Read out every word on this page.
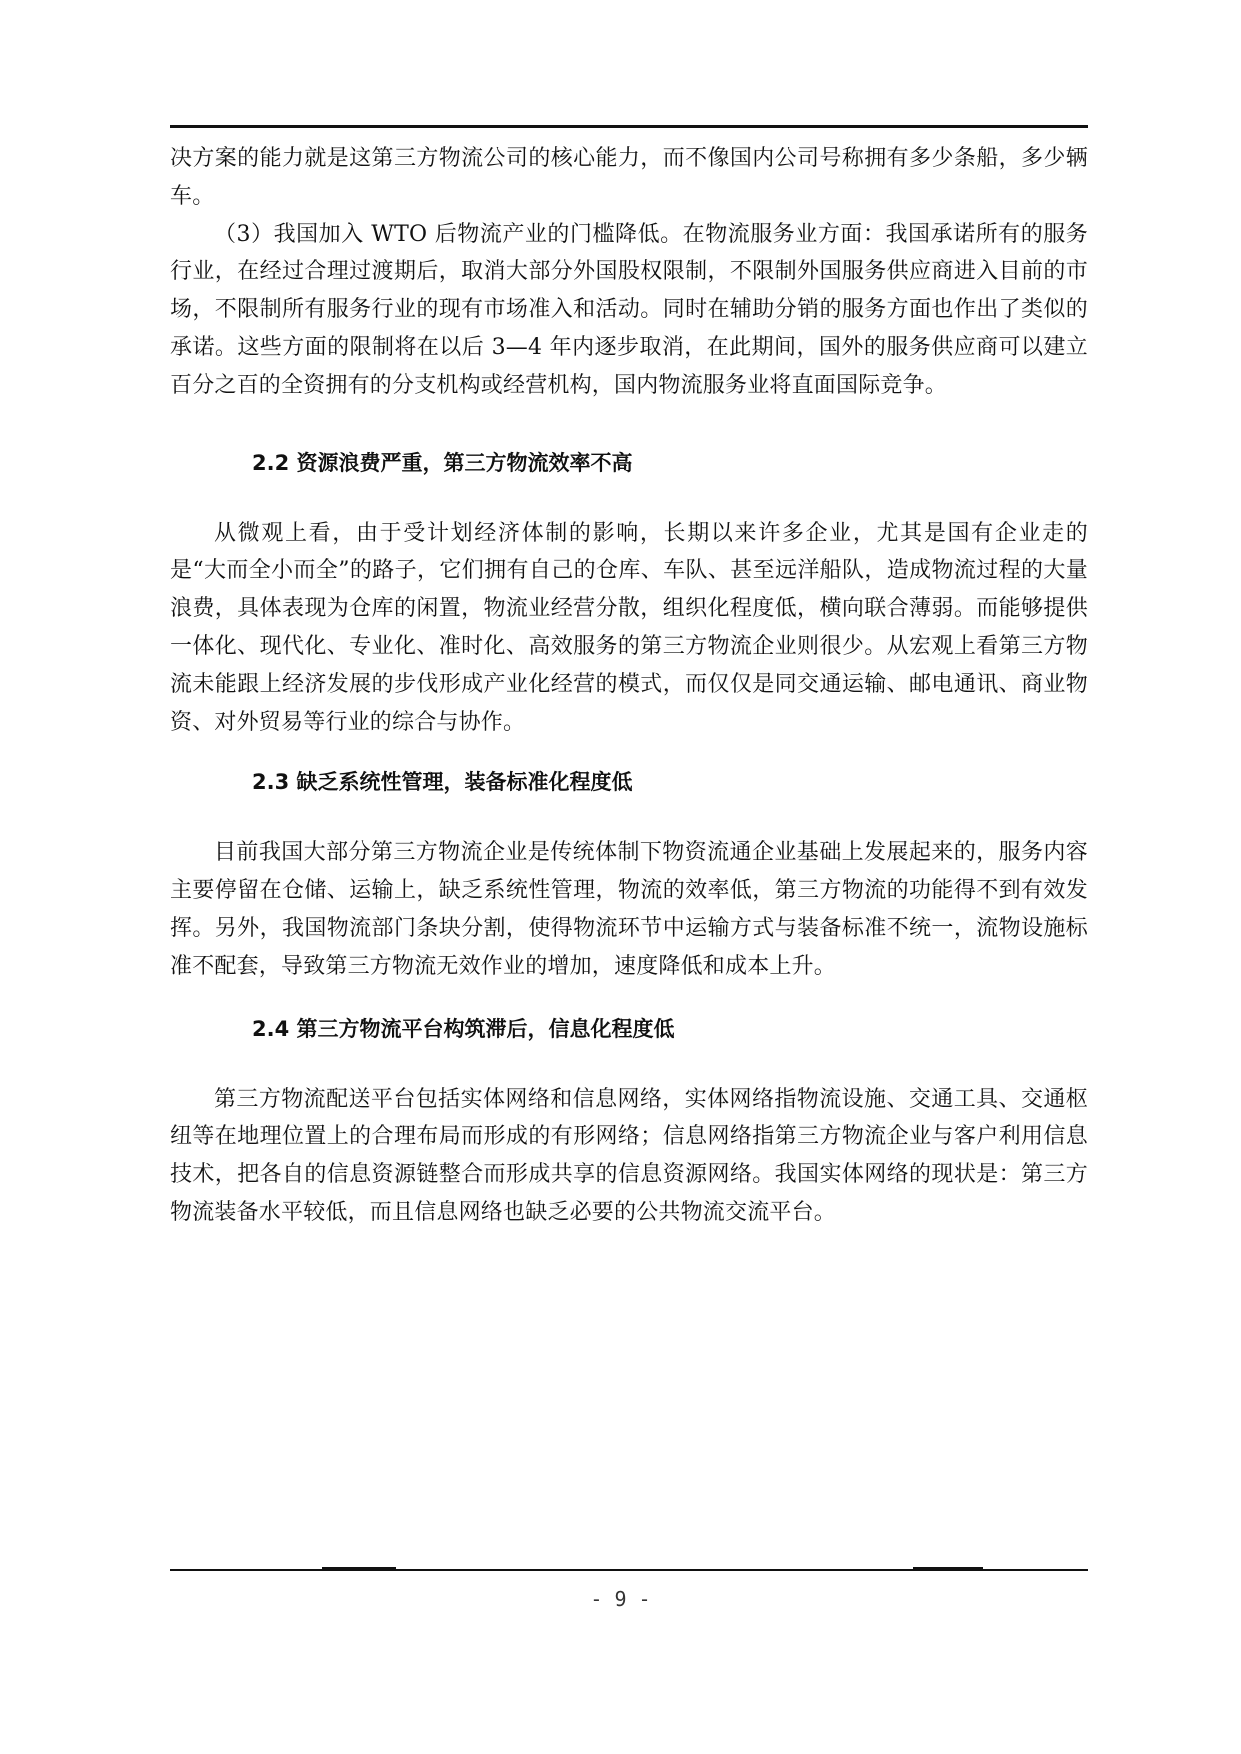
决方案的能力就是这第三方物流公司的核心能力，而不像国内公司号称拥有多少条船，多少辆车。

（3）我国加入 WTO 后物流产业的门槛降低。在物流服务业方面：我国承诺所有的服务行业，在经过合理过渡期后，取消大部分外国股权限制，不限制外国服务供应商进入目前的市场，不限制所有服务行业的现有市场准入和活动。同时在辅助分销的服务方面也作出了类似的承诺。这些方面的限制将在以后 3—4 年内逐步取消，在此期间，国外的服务供应商可以建立百分之百的全资拥有的分支机构或经营机构，国内物流服务业将直面国际竞争。

2.2 资源浪费严重，第三方物流效率不高

从微观上看，由于受计划经济体制的影响，长期以来许多企业，尤其是国有企业走的是“大而全小而全”的路子，它们拥有自己的仓库、车队、甚至远洋船队，造成物流过程的大量浪费，具体表现为仓库的闲置，物流业经营分散，组织化程度低，横向联合薄弱。而能够提供一体化、现代化、专业化、准时化、高效服务的第三方物流企业则很少。从宏观上看第三方物流未能跟上经济发展的步伐形成产业化经营的模式，而仅仅是同交通运输、邮电通讯、商业物资、对外贸易等行业的综合与协作。

2.3 缺乏系统性管理，装备标准化程度低

目前我国大部分第三方物流企业是传统体制下物资流通企业基础上发展起来的，服务内容主要停留在仓储、运输上，缺乏系统性管理，物流的效率低，第三方物流的功能得不到有效发挥。另外，我国物流部门条块分割，使得物流环节中运输方式与装备标准不统一，流物设施标准不配套，导致第三方物流无效作业的增加，速度降低和成本上升。

2.4 第三方物流平台构筑滞后，信息化程度低

第三方物流配送平台包括实体网络和信息网络，实体网络指物流设施、交通工具、交通枢纽等在地理位置上的合理布局而形成的有形网络；信息网络指第三方物流企业与客户利用信息技术，把各自的信息资源链整合而形成共享的信息资源网络。我国实体网络的现状是：第三方物流装备水平较低，而且信息网络也缺乏必要的公共物流交流平台。

- 9 -
